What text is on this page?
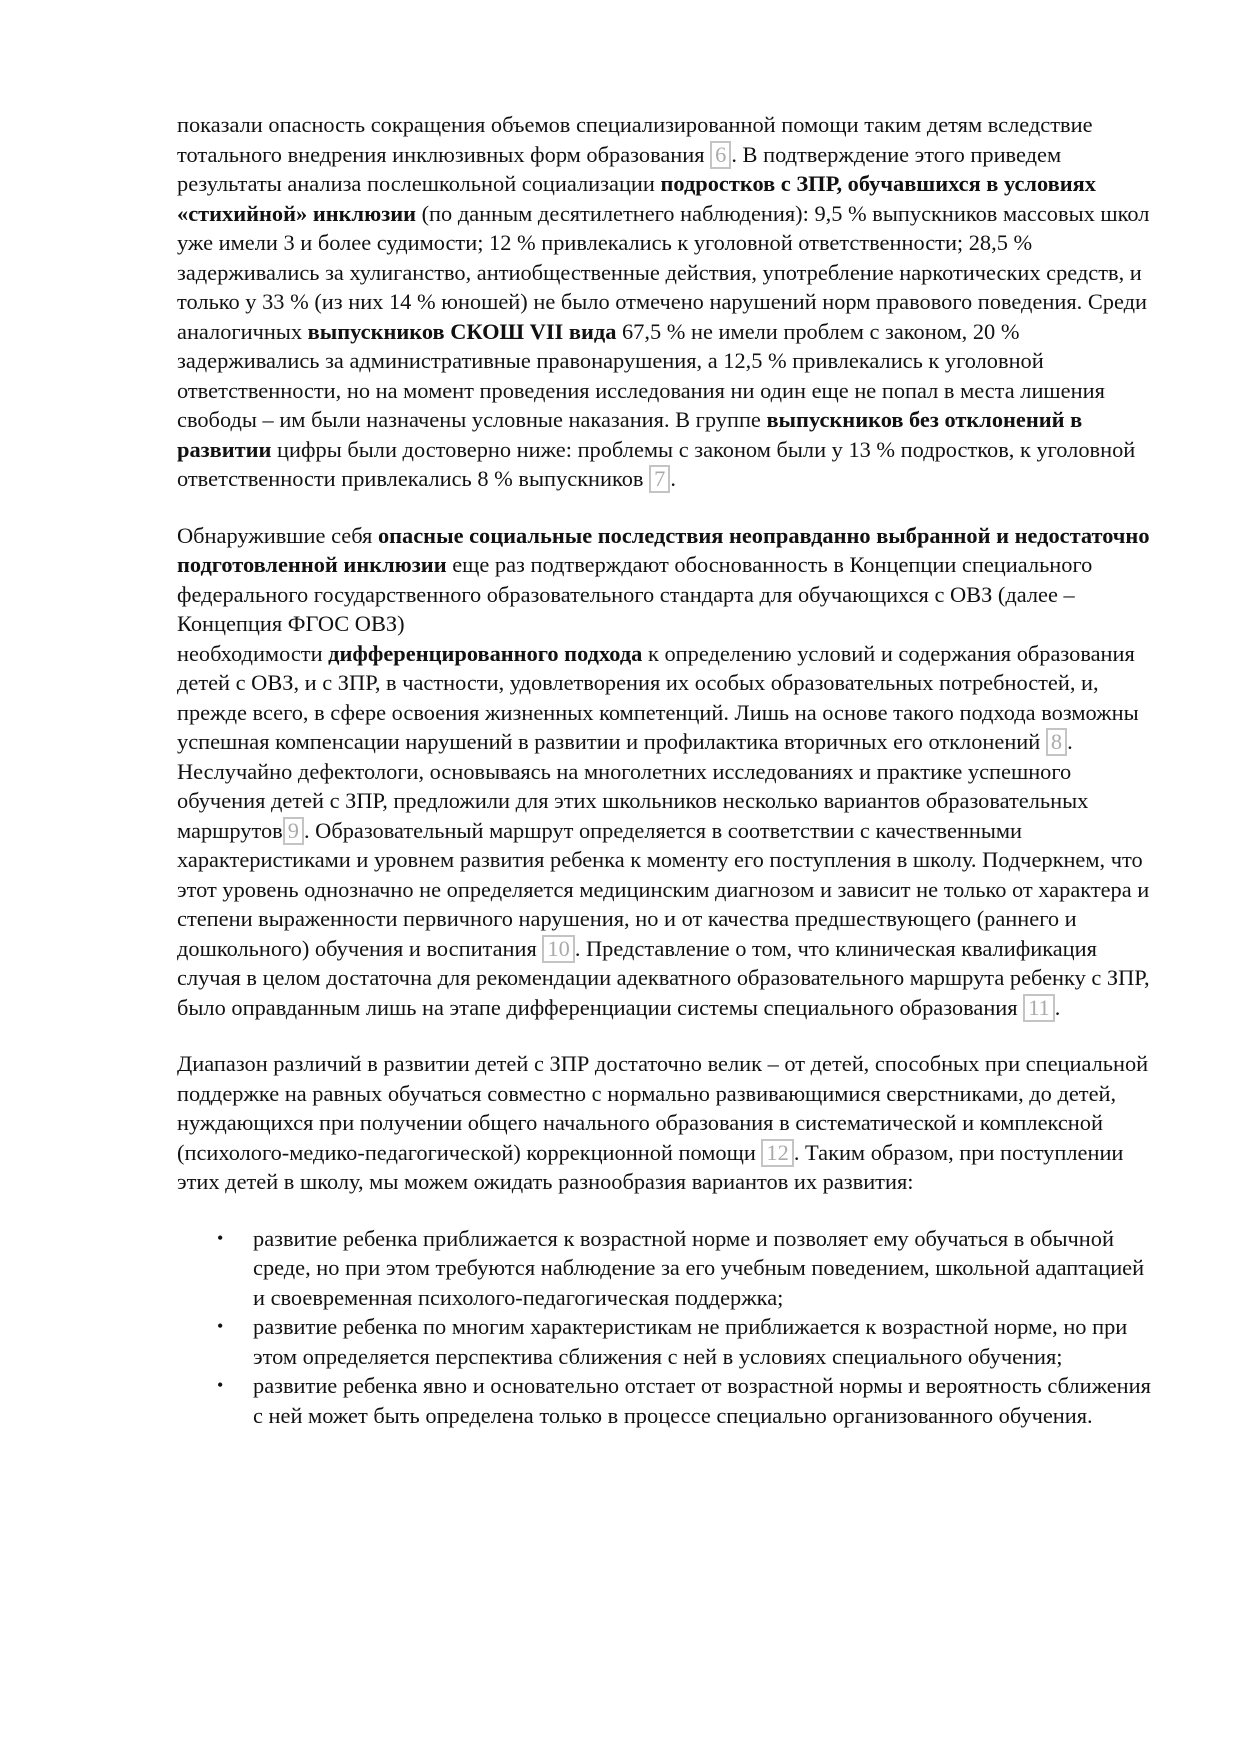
показали опасность сокращения объемов специализированной помощи таким детям вследствие тотального внедрения инклюзивных форм образования 6 . В подтверждение этого приведем результаты анализа послешкольной социализации подростков с ЗПР, обучавшихся в условиях «стихийной» инклюзии (по данным десятилетнего наблюдения): 9,5 % выпускников массовых школ уже имели 3 и более судимости; 12 % привлекались к уголовной ответственности; 28,5 % задерживались за хулиганство, антиобщественные действия, употребление наркотических средств, и только у 33 % (из них 14 % юношей) не было отмечено нарушений норм правового поведения. Среди аналогичных выпускников СКОШ VII вида 67,5 % не имели проблем с законом, 20 % задерживались за административные правонарушения, а 12,5 % привлекались к уголовной ответственности, но на момент проведения исследования ни один еще не попал в места лишения свободы – им были назначены условные наказания. В группе выпускников без отклонений в развитии цифры были достоверно ниже: проблемы с законом были у 13 % подростков, к уголовной ответственности привлекались 8 % выпускников 7 .

Обнаружившие себя опасные социальные последствия неоправданно выбранной и недостаточно подготовленной инклюзии еще раз подтверждают обоснованность в Концепции специального федерального государственного образовательного стандарта для обучающихся с ОВЗ (далее – Концепция ФГОС ОВЗ)
необходимости дифференцированного подхода к определению условий и содержания образования детей с ОВЗ, и с ЗПР, в частности, удовлетворения их особых образовательных потребностей, и, прежде всего, в сфере освоения жизненных компетенций. Лишь на основе такого подхода возможны успешная компенсации нарушений в развитии и профилактика вторичных его отклонений 8 . Неслучайно дефектологи, основываясь на многолетних исследованиях и практике успешного обучения детей с ЗПР, предложили для этих школьников несколько вариантов образовательных маршрутов 9 . Образовательный маршрут определяется в соответствии с качественными характеристиками и уровнем развития ребенка к моменту его поступления в школу. Подчеркнем, что этот уровень однозначно не определяется медицинским диагнозом и зависит не только от характера и степени выраженности первичного нарушения, но и от качества предшествующего (раннего и дошкольного) обучения и воспитания 10 . Представление о том, что клиническая квалификация случая в целом достаточна для рекомендации адекватного образовательного маршрута ребенку с ЗПР, было оправданным лишь на этапе дифференциации системы специального образования 11 .

Диапазон различий в развитии детей с ЗПР достаточно велик – от детей, способных при специальной поддержке на равных обучаться совместно с нормально развивающимися сверстниками, до детей, нуждающихся при получении общего начального образования в систематической и комплексной (психолого-медико-педагогической) коррекционной помощи 12 . Таким образом, при поступлении этих детей в школу, мы можем ожидать разнообразия вариантов их развития:

• развитие ребенка приближается к возрастной норме и позволяет ему обучаться в обычной среде, но при этом требуются наблюдение за его учебным поведением, школьной адаптацией и своевременная психолого-педагогическая поддержка;
• развитие ребенка по многим характеристикам не приближается к возрастной норме, но при этом определяется перспектива сближения с ней в условиях специального обучения;
• развитие ребенка явно и основательно отстает от возрастной нормы и вероятность сближения с ней может быть определена только в процессе специально организованного обучения.
